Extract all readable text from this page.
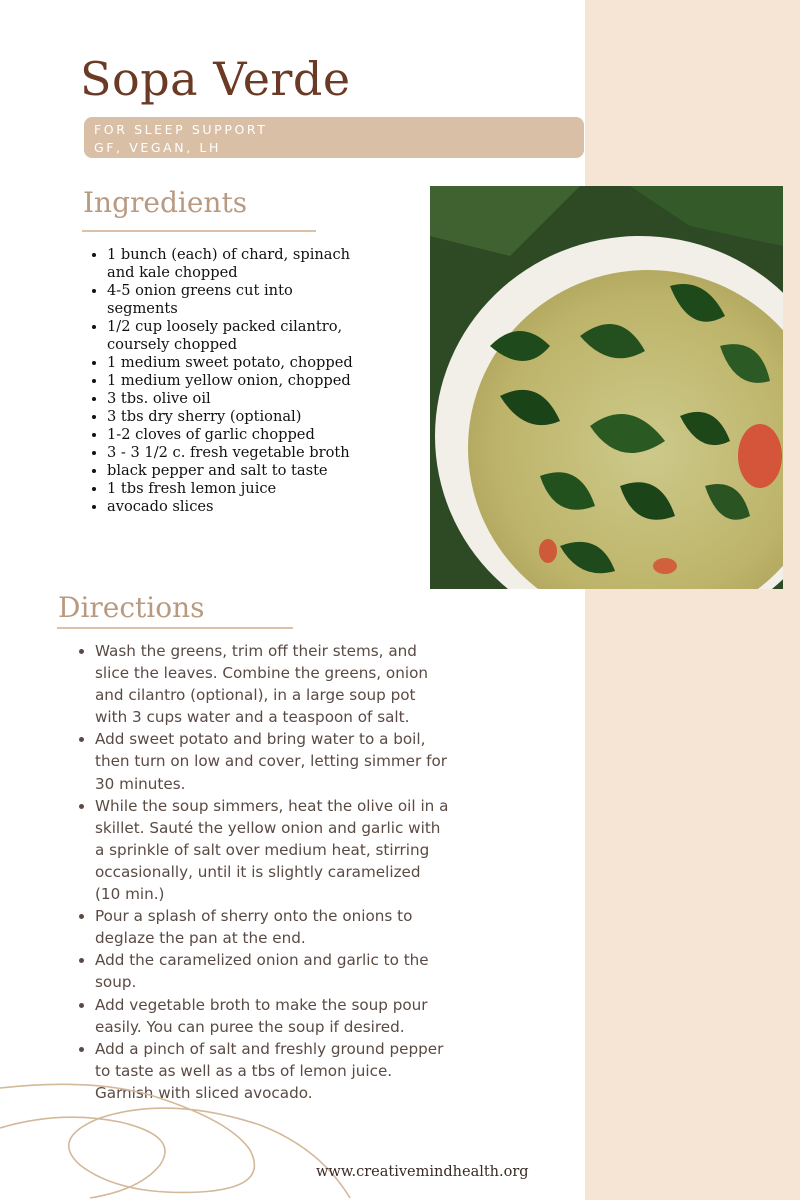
Sopa Verde
FOR SLEEP SUPPORT
GF, VEGAN, LH
Ingredients
• 1 bunch (each) of chard, spinach and kale chopped
• 4-5 onion greens cut into segments
• 1/2 cup loosely packed cilantro, coursely chopped
• 1 medium sweet potato, chopped
• 1 medium yellow onion, chopped
• 3 tbs. olive oil
• 3 tbs dry sherry (optional)
• 1-2 cloves of garlic chopped
• 3 - 3 1/2 c. fresh vegetable broth
• black pepper and salt to taste
• 1 tbs fresh lemon juice
• avocado slices
Directions
• Wash the greens, trim off their stems, and slice the leaves. Combine the greens, onion and cilantro (optional), in a large soup pot with 3 cups water and a teaspoon of salt.
• Add sweet potato and bring water to a boil, then turn on low and cover, letting simmer for 30 minutes.
• While the soup simmers, heat the olive oil in a skillet. Sauté the yellow onion and garlic with a sprinkle of salt over medium heat, stirring occasionally, until it is slightly caramelized (10 min.)
• Pour a splash of sherry onto the onions to deglaze the pan at the end.
• Add the caramelized onion and garlic to the soup.
• Add vegetable broth to make the soup pour easily. You can puree the soup if desired.
• Add a pinch of salt and freshly ground pepper to taste as well as a tbs of lemon juice. Garnish with sliced avocado.
www.creativemindhealth.org
